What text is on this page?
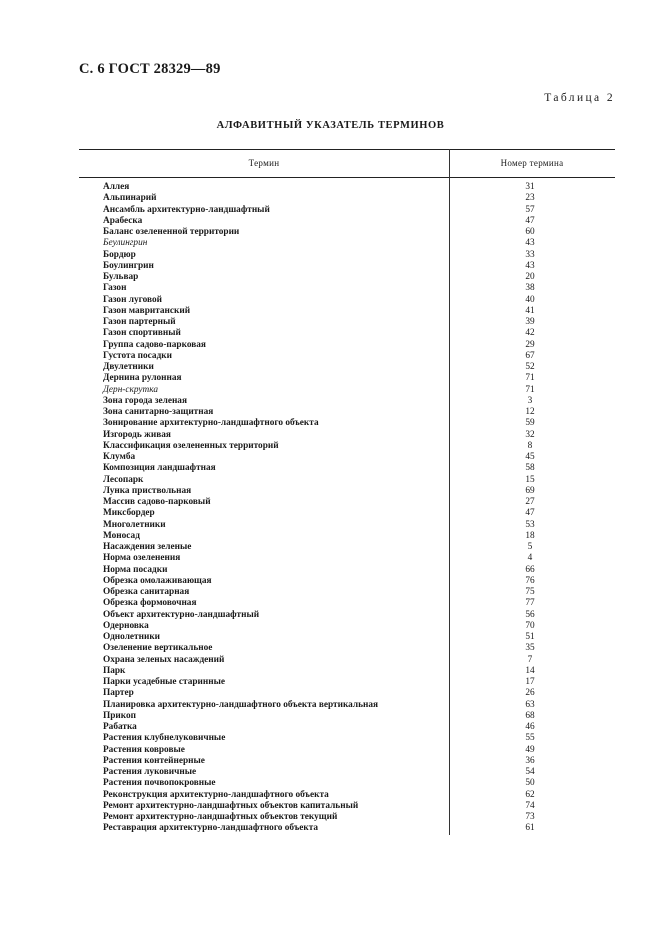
С. 6 ГОСТ 28329—89
Таблица 2
АЛФАВИТНЫЙ УКАЗАТЕЛЬ ТЕРМИНОВ
Термин	Номер термина
Аллея	31
Альпинарий	23
Ансамбль архитектурно-ландшафтный	57
Арабеска	47
Баланс озелененной территории	60
Беулингрин	43
Бордюр	33
Боулингрин	43
Бульвар	20
Газон	38
Газон луговой	40
Газон мавританский	41
Газон партерный	39
Газон спортивный	42
Группа садово-парковая	29
Густота посадки	67
Двулетники	52
Дернина рулонная	71
Дерн-скрутка	71
Зона города зеленая	3
Зона санитарно-защитная	12
Зонирование архитектурно-ландшафтного объекта	59
Изгородь живая	32
Классификация озелененных территорий	8
Клумба	45
Композиция ландшафтная	58
Лесопарк	15
Лунка приствольная	69
Массив садово-парковый	27
Миксбордер	47
Многолетники	53
Моносад	18
Насаждения зеленые	5
Норма озеленения	4
Норма посадки	66
Обрезка омолаживающая	76
Обрезка санитарная	75
Обрезка формовочная	77
Объект архитектурно-ландшафтный	56
Одерновка	70
Однолетники	51
Озеленение вертикальное	35
Охрана зеленых насаждений	7
Парк	14
Парки усадебные старинные	17
Партер	26
Планировка архитектурно-ландшафтного объекта вертикальная	63
Прикоп	68
Рабатка	46
Растения клубнелуковичные	55
Растения ковровые	49
Растения контейнерные	36
Растения луковичные	54
Растения почвопокровные	50
Реконструкция архитектурно-ландшафтного объекта	62
Ремонт архитектурно-ландшафтных объектов капитальный	74
Ремонт архитектурно-ландшафтных объектов текущий	73
Реставрация архитектурно-ландшафтного объекта	61
